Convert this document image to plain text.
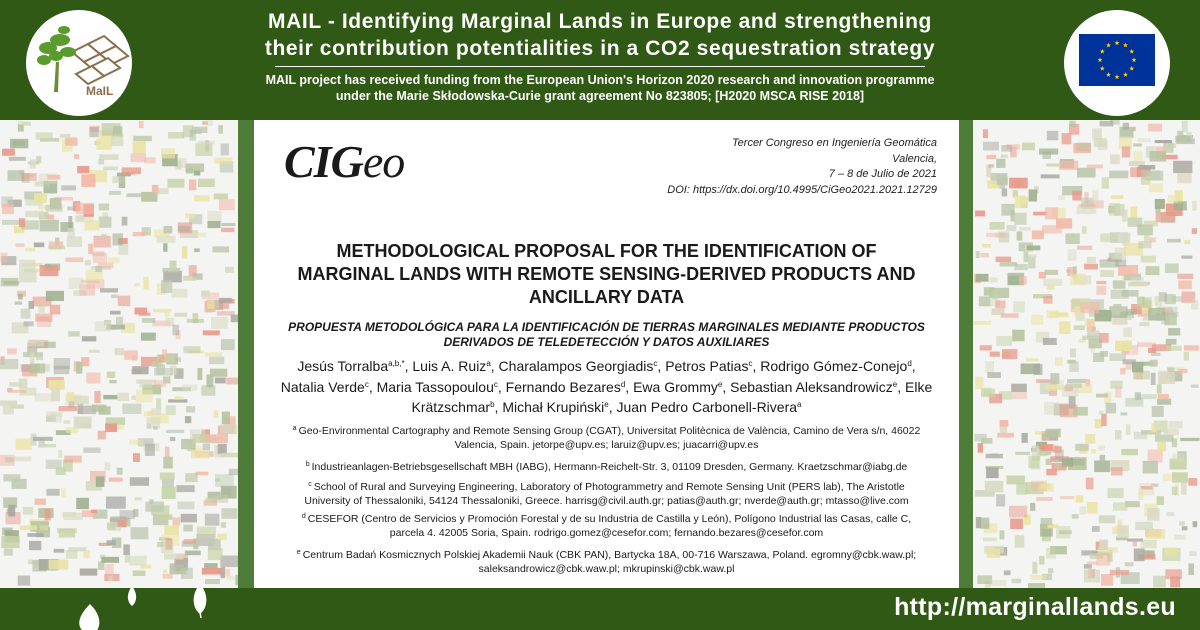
MaIL
MAIL - Identifying Marginal Lands in Europe and strengthening
their contribution potentialities in a CO2 sequestration strategy
MAIL project has received funding from the European Union's Horizon 2020 research and innovation programme
under the Marie Skłodowska-Curie grant agreement No 823805; [H2020 MSCA RISE 2018]
CIGeo	Tercer Congreso en Ingeniería Geomática
Valencia,
7 – 8 de Julio de 2021
DOI: https://dx.doi.org/10.4995/CiGeo2021.2021.12729
METHODOLOGICAL PROPOSAL FOR THE IDENTIFICATION OF
MARGINAL LANDS WITH REMOTE SENSING-DERIVED PRODUCTS AND
ANCILLARY DATA
PROPUESTA METODOLÓGICA PARA LA IDENTIFICACIÓN DE TIERRAS MARGINALES MEDIANTE PRODUCTOS
DERIVADOS DE TELEDETECCIÓN Y DATOS AUXILIARES
Jesús Torralba$^{a,b,*}$, Luis A. Ruiz$^a$, Charalampos Georgiadis$^c$, Petros Patias$^c$, Rodrigo Gómez-Conejo$^d$, Natalia Verde$^c$, Maria Tassopoulou$^c$, Fernando Bezares$^d$, Ewa Grommy$^e$, Sebastian Aleksandrowicz$^e$, Elke Krätzschmar$^b$, Michał Krupiński$^e$, Juan Pedro Carbonell-Rivera$^a$
$^a$ Geo-Environmental Cartography and Remote Sensing Group (CGAT), Universitat Politècnica de València, Camino de Vera s/n, 46022
Valencia, Spain. jetorpe@upv.es; laruiz@upv.es; juacarri@upv.es
$^b$ Industrieanlagen-Betriebsgesellschaft MBH (IABG), Hermann-Reichelt-Str. 3, 01109 Dresden, Germany. Kraetzschmar@iabg.de
$^c$ School of Rural and Surveying Engineering, Laboratory of Photogrammetry and Remote Sensing Unit (PERS lab), The Aristotle
University of Thessaloniki, 54124 Thessaloniki, Greece. harrisg@civil.auth.gr; patias@auth.gr; nverde@auth.gr; mtasso@live.com
$^d$ CESEFOR (Centro de Servicios y Promoción Forestal y de su Industria de Castilla y León), Polígono Industrial las Casas, calle C,
parcela 4. 42005 Soria, Spain. rodrigo.gomez@cesefor.com; fernando.bezares@cesefor.com
$^e$ Centrum Badań Kosmicznych Polskiej Akademii Nauk (CBK PAN), Bartycka 18A, 00-716 Warszawa, Poland. egromny@cbk.waw.pl;
saleksandrowicz@cbk.waw.pl; mkrupinski@cbk.waw.pl
http://marginallands.eu
